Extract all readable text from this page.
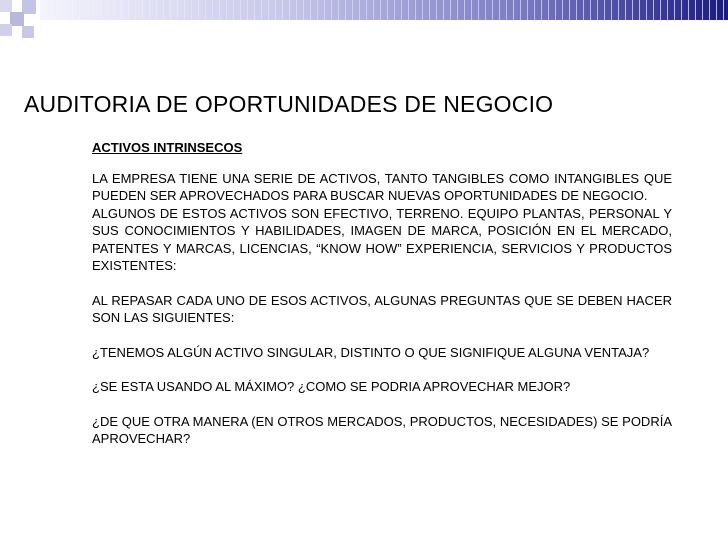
AUDITORIA DE OPORTUNIDADES DE NEGOCIO

ACTIVOS INTRINSECOS

LA EMPRESA TIENE UNA SERIE DE ACTIVOS, TANTO TANGIBLES COMO INTANGIBLES QUE PUEDEN SER APROVECHADOS PARA BUSCAR NUEVAS OPORTUNIDADES DE NEGOCIO.

ALGUNOS DE ESTOS ACTIVOS SON EFECTIVO, TERRENO. EQUIPO PLANTAS, PERSONAL Y SUS CONOCIMIENTOS Y HABILIDADES, IMAGEN DE MARCA, POSICIÓN EN EL MERCADO, PATENTES Y MARCAS, LICENCIAS, “KNOW HOW” EXPERIENCIA, SERVICIOS Y PRODUCTOS EXISTENTES:

AL REPASAR CADA UNO DE ESOS ACTIVOS, ALGUNAS PREGUNTAS QUE SE DEBEN HACER SON LAS SIGUIENTES:

¿TENEMOS ALGÚN ACTIVO SINGULAR, DISTINTO O QUE SIGNIFIQUE ALGUNA VENTAJA?

¿SE ESTA USANDO AL MÁXIMO? ¿COMO SE PODRIA APROVECHAR MEJOR?

¿DE QUE OTRA MANERA (EN OTROS MERCADOS, PRODUCTOS, NECESIDADES) SE PODRÍA APROVECHAR?
